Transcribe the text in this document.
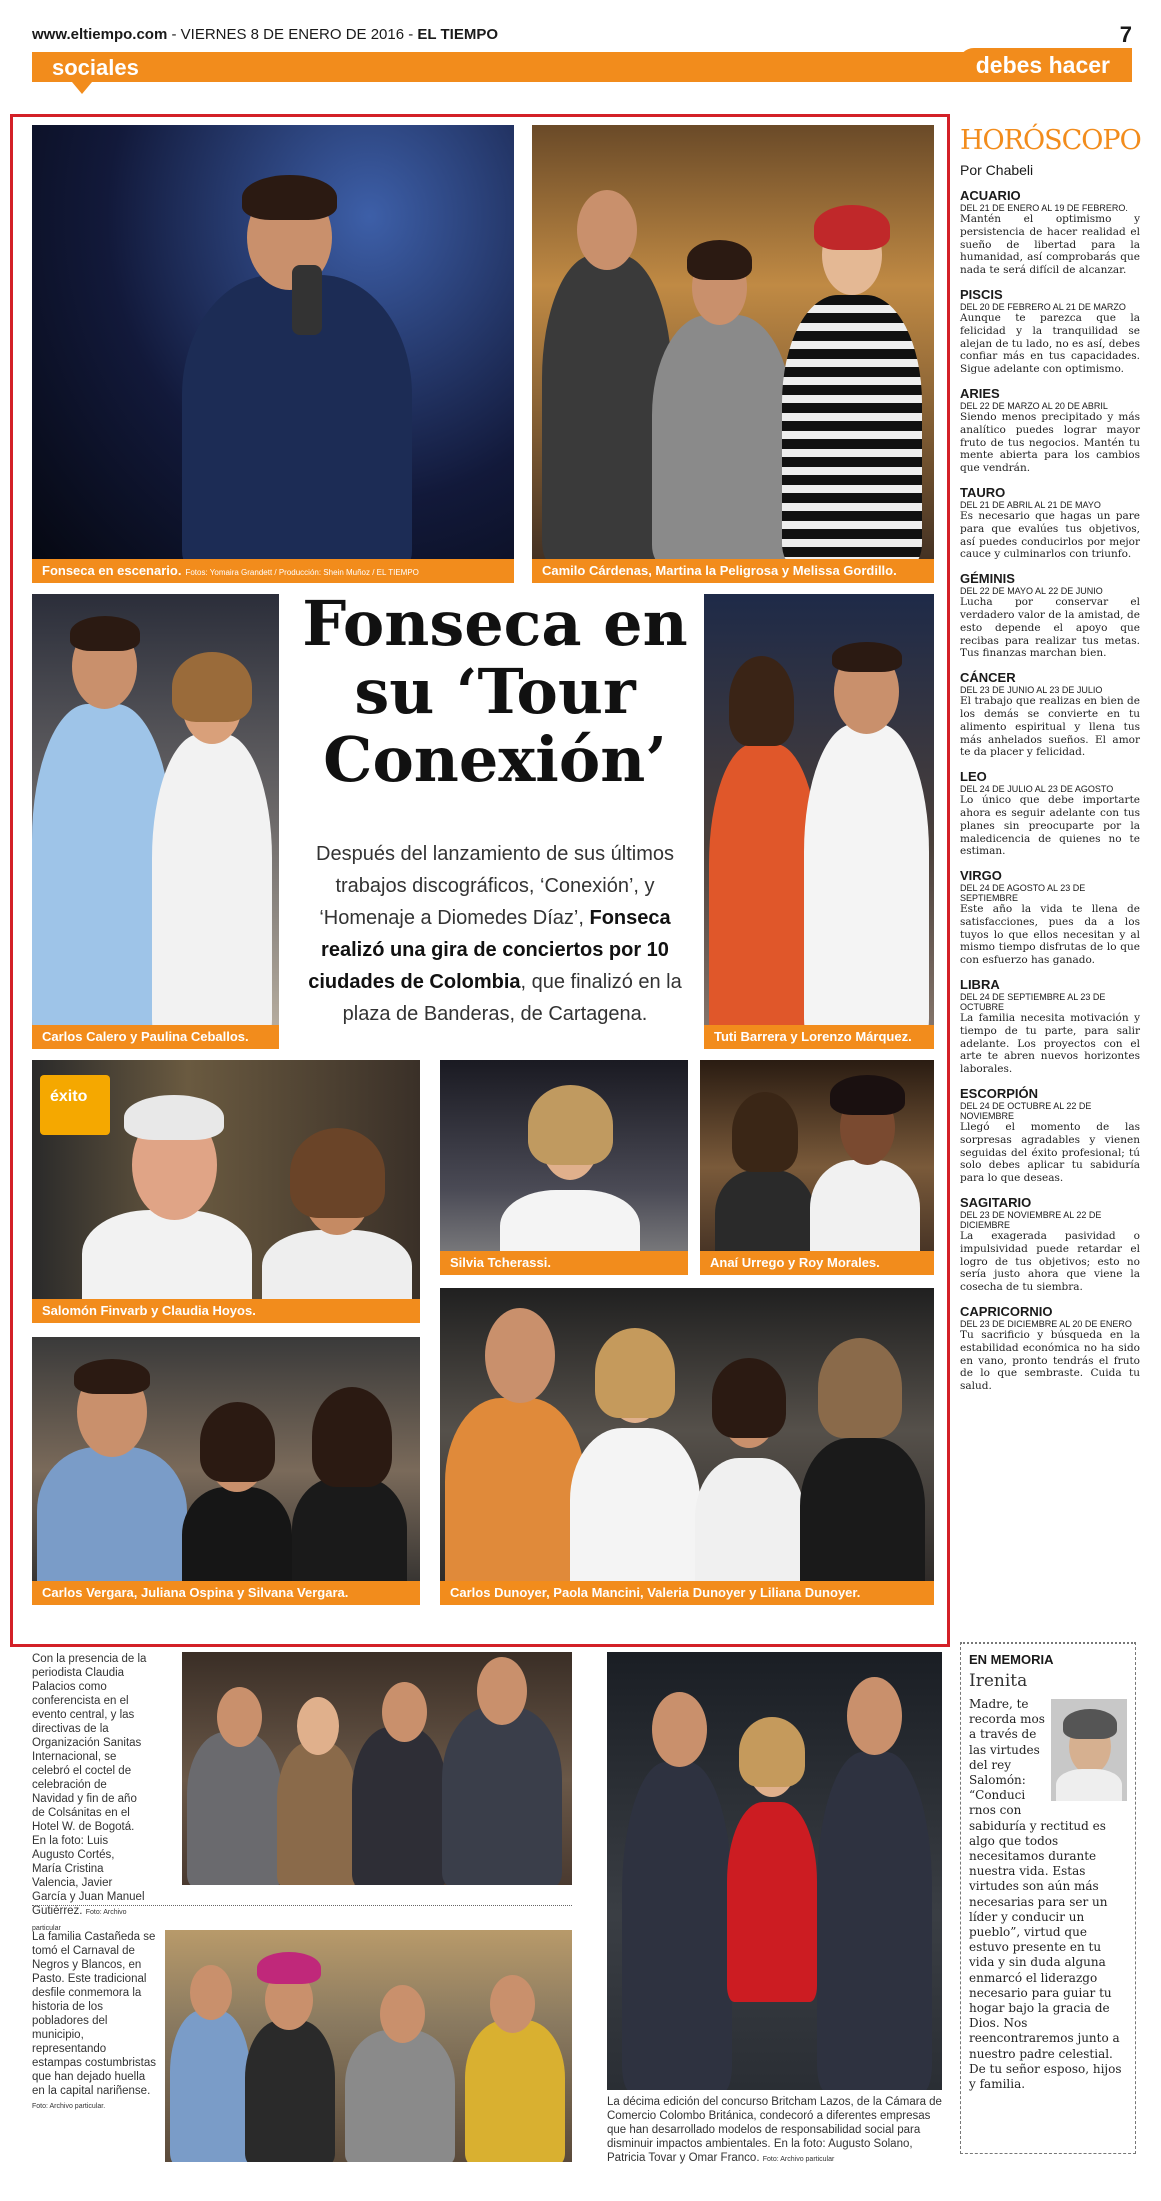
www.eltiempo.com - VIERNES 8 DE ENERO DE 2016 - EL TIEMPO	7
sociales	debes hacer
Fonseca en escenario. Fotos: Yomaira Grandett / Producción: Shein Muñoz / EL TIEMPO	Camilo Cárdenas, Martina la Peligrosa y Melissa Gordillo.
Carlos Calero y Paulina Ceballos.
Fonseca en su ‘Tour Conexión’
Después del lanzamiento de sus últimos trabajos discográficos, ‘Conexión’, y ‘Homenaje a Diomedes Díaz’, Fonseca realizó una gira de conciertos por 10 ciudades de Colombia, que finalizó en la plaza de Banderas, de Cartagena.
Tuti Barrera y Lorenzo Márquez.
éxito
Salomón Finvarb y Claudia Hoyos.
Silvia Tcherassi.	Anaí Urrego y Roy Morales.
Carlos Vergara, Juliana Ospina y Silvana Vergara.	Carlos Dunoyer, Paola Mancini, Valeria Dunoyer y Liliana Dunoyer.
HORÓSCOPO
Por Chabeli
ACUARIO
DEL 21 DE ENERO AL 19 DE FEBRERO.
Mantén el optimismo y persistencia de hacer realidad el sueño de libertad para la humanidad, así comprobarás que nada te será difícil de alcanzar.
PISCIS
DEL 20 DE FEBRERO AL 21 DE MARZO
Aunque te parezca que la felicidad y la tranquilidad se alejan de tu lado, no es así, debes confiar más en tus capacidades. Sigue adelante con optimismo.
ARIES
DEL 22 DE MARZO AL 20 DE ABRIL
Siendo menos precipitado y más analítico puedes lograr mayor fruto de tus negocios. Mantén tu mente abierta para los cambios que vendrán.
TAURO
DEL 21 DE ABRIL AL 21 DE MAYO
Es necesario que hagas un pare para que evalúes tus objetivos, así puedes conducirlos por mejor cauce y culminarlos con triunfo.
GÉMINIS
DEL 22 DE MAYO AL 22 DE JUNIO
Lucha por conservar el verdadero valor de la amistad, de esto depende el apoyo que recibas para realizar tus metas. Tus finanzas marchan bien.
CÁNCER
DEL 23 DE JUNIO AL 23 DE JULIO
El trabajo que realizas en bien de los demás se convierte en tu alimento espiritual y llena tus más anhelados sueños. El amor te da placer y felicidad.
LEO
DEL 24 DE JULIO AL 23 DE AGOSTO
Lo único que debe importarte ahora es seguir adelante con tus planes sin preocuparte por la maledicencia de quienes no te estiman.
VIRGO
DEL 24 DE AGOSTO AL 23 DE SEPTIEMBRE
Este año la vida te llena de satisfacciones, pues da a los tuyos lo que ellos necesitan y al mismo tiempo disfrutas de lo que con esfuerzo has ganado.
LIBRA
DEL 24 DE SEPTIEMBRE AL 23 DE OCTUBRE
La familia necesita motivación y tiempo de tu parte, para salir adelante. Los proyectos con el arte te abren nuevos horizontes laborales.
ESCORPIÓN
DEL 24 DE OCTUBRE AL 22 DE NOVIEMBRE
Llegó el momento de las sorpresas agradables y vienen seguidas del éxito profesional; tú solo debes aplicar tu sabiduría para lo que deseas.
SAGITARIO
DEL 23 DE NOVIEMBRE AL 22 DE DICIEMBRE
La exagerada pasividad o impulsividad puede retardar el logro de tus objetivos; esto no sería justo ahora que viene la cosecha de tu siembra.
CAPRICORNIO
DEL 23 DE DICIEMBRE AL 20 DE ENERO
Tu sacrificio y búsqueda en la estabilidad económica no ha sido en vano, pronto tendrás el fruto de lo que sembraste. Cuida tu salud.
Con la presencia de la periodista Claudia Palacios como conferencista en el evento central, y las directivas de la Organización Sanitas Internacional, se celebró el coctel de celebración de Navidad y fin de año de Colsánitas en el Hotel W. de Bogotá. En la foto: Luis Augusto Cortés, María Cristina Valencia, Javier García y Juan Manuel Gutiérrez. Foto: Archivo particular
La familia Castañeda se tomó el Carnaval de Negros y Blancos, en Pasto. Este tradicional desfile conmemora la historia de los pobladores del municipio, representando estampas costumbristas que han dejado huella en la capital nariñense. Foto: Archivo particular.	La décima edición del concurso Britcham Lazos, de la Cámara de Comercio Colombo Británica, condecoró a diferentes empresas que han desarrollado modelos de responsabilidad social para disminuir impactos ambientales. En la foto: Augusto Solano, Patricia Tovar y Omar Franco. Foto: Archivo particular
EN MEMORIA
Irenita
Madre, te recorda mos a través de las virtudes del rey Salomón: “Conduci rnos con sabiduría y rectitud es algo que todos necesitamos durante nuestra vida. Estas virtudes son aún más necesarias para ser un líder y conducir un pueblo”, virtud que estuvo presente en tu vida y sin duda alguna enmarcó el liderazgo necesario para guiar tu hogar bajo la gracia de Dios. Nos reencontraremos junto a nuestro padre celestial. De tu señor esposo, hijos y familia.
